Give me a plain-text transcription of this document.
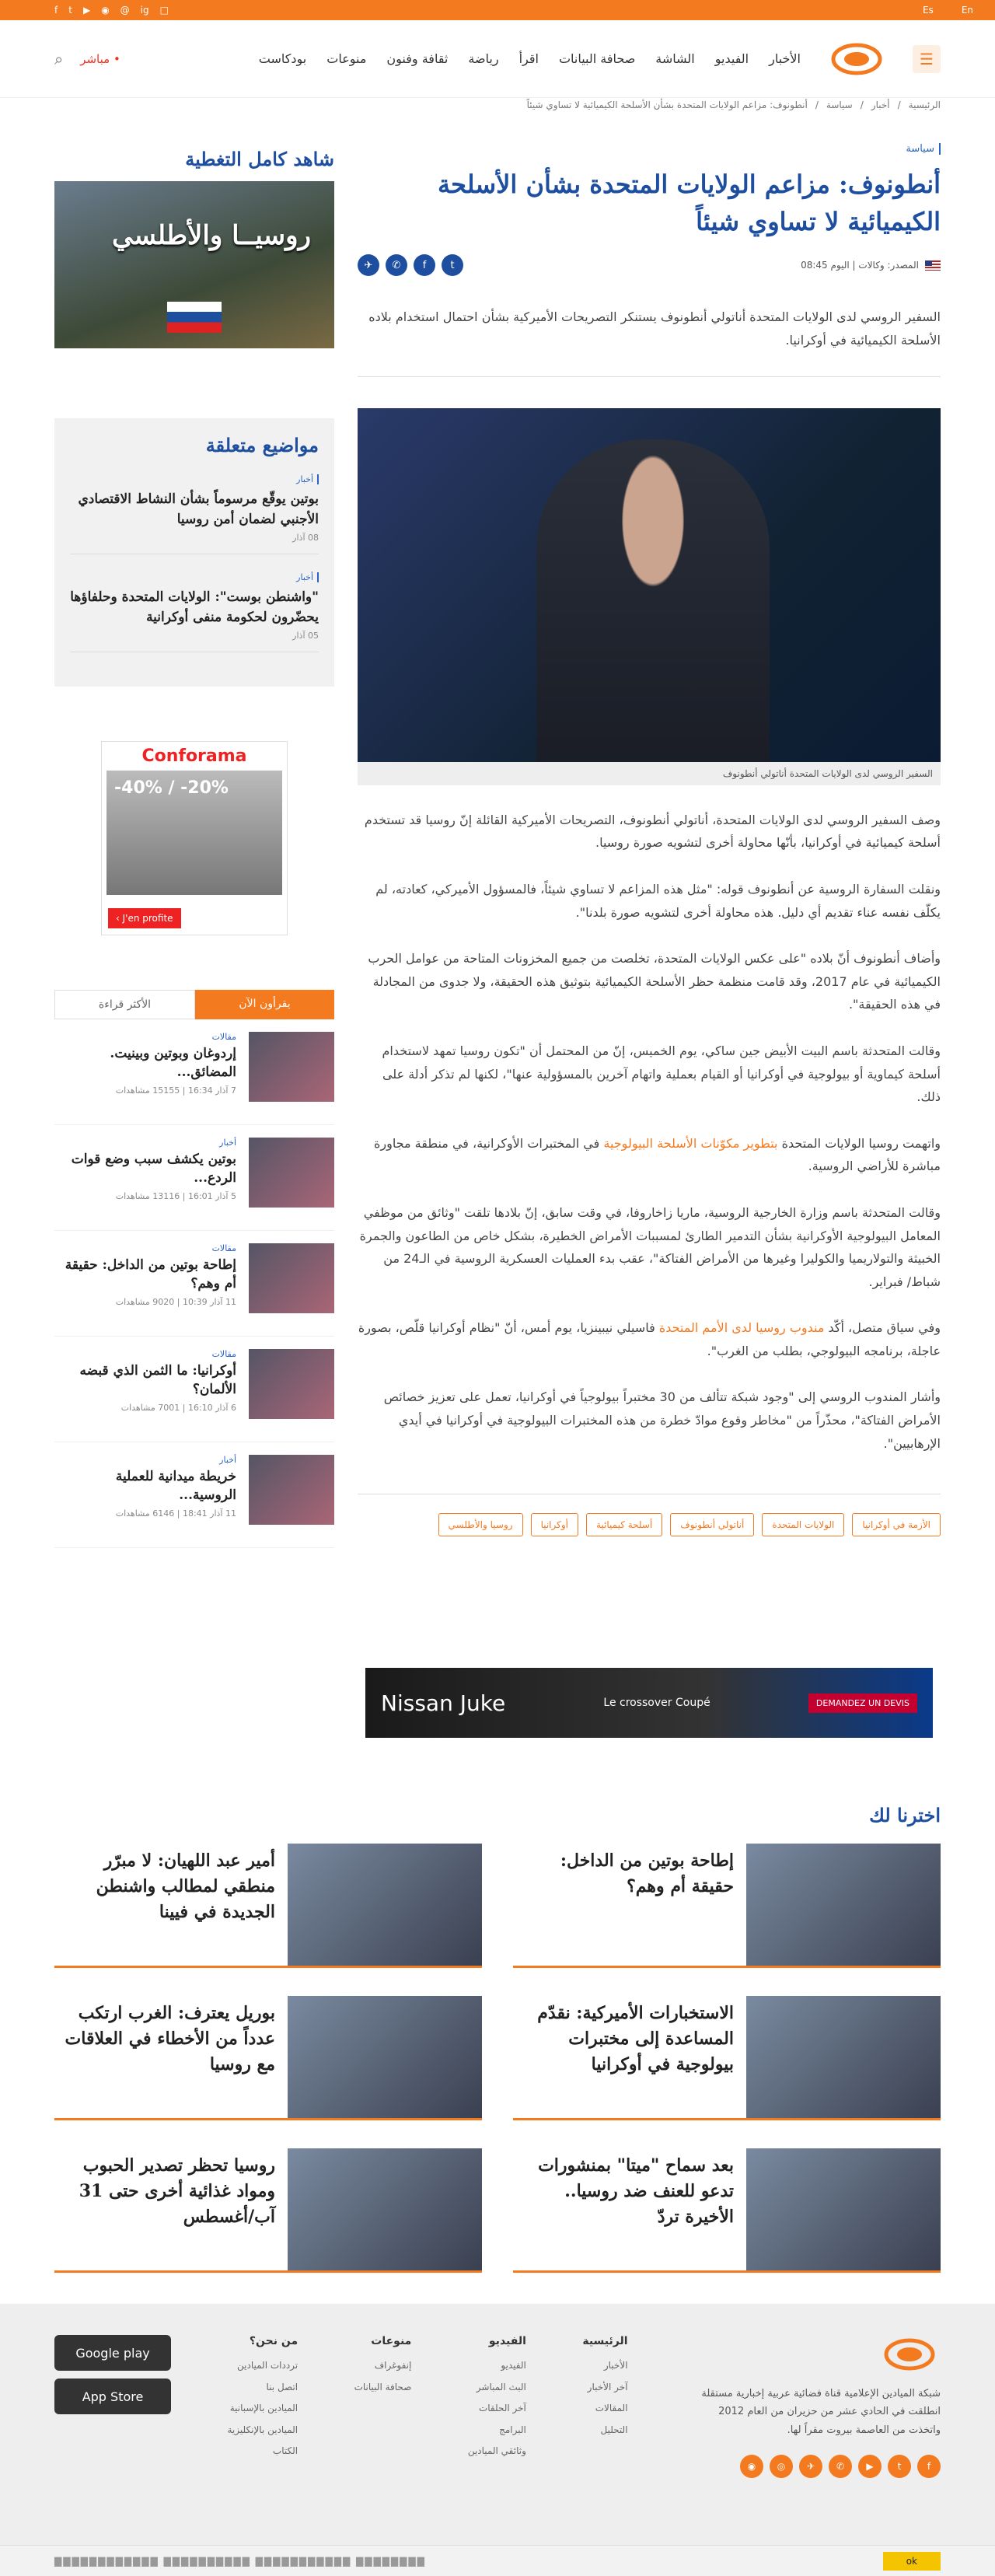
f t ▶ ◉ @ ig □	Es	En
☰
الأخبار
الفيديو
الشاشة
صحافة البيانات
اقرأ
رياضة
ثقافة وفنون
منوعات
بودكاست
• مباشر
⌕
الرئيسية
/
أخبار
/
سياسة
/
أنطونوف: مزاعم الولايات المتحدة بشأن الأسلحة الكيميائية لا تساوي شيئاً
سياسة
أنطونوف: مزاعم الولايات المتحدة بشأن الأسلحة الكيميائية لا تساوي شيئاً
المصدر: وكالات | اليوم 08:45
✈	✆	f	t

السفير الروسي لدى الولايات المتحدة أناتولي أنطونوف يستنكر التصريحات الأميركية بشأن احتمال استخدام بلاده الأسلحة الكيميائية في أوكرانيا.

السفير الروسي لدى الولايات المتحدة أناتولي أنطونوف

وصف السفير الروسي لدى الولايات المتحدة، أناتولي أنطونوف، التصريحات الأميركية القائلة إنّ روسيا قد تستخدم أسلحة كيميائية في أوكرانيا، بأنّها محاولة أخرى لتشويه صورة روسيا.

ونقلت السفارة الروسية عن أنطونوف قوله: "مثل هذه المزاعم لا تساوي شيئاً، فالمسؤول الأميركي، كعادته، لم يكلّف نفسه عناء تقديم أي دليل. هذه محاولة أخرى لتشويه صورة بلدنا".

وأضاف أنطونوف أنّ بلاده "على عكس الولايات المتحدة، تخلصت من جميع المخزونات المتاحة من عوامل الحرب الكيميائية في عام 2017، وقد قامت منظمة حظر الأسلحة الكيميائية بتوثيق هذه الحقيقة، ولا جدوى من المجادلة في هذه الحقيقة".

وقالت المتحدثة باسم البيت الأبيض جين ساكي، يوم الخميس، إنّ من المحتمل أن "تكون روسيا تمهد لاستخدام أسلحة كيماوية أو بيولوجية في أوكرانيا أو القيام بعملية واتهام آخرين بالمسؤولية عنها"، لكنها لم تذكر أدلة على ذلك.

واتهمت روسيا الولايات المتحدة بتطوير مكوّنات الأسلحة البيولوجية في المختبرات الأوكرانية، في منطقة مجاورة مباشرة للأراضي الروسية.

وقالت المتحدثة باسم وزارة الخارجية الروسية، ماريا زاخاروفا، في وقت سابق، إنّ بلادها تلقت "وثائق من موظفي المعامل البيولوجية الأوكرانية بشأن التدمير الطارئ لمسببات الأمراض الخطيرة، بشكل خاص من الطاعون والجمرة الخبيثة والتولاريميا والكوليرا وغيرها من الأمراض الفتاكة"، عقب بدء العمليات العسكرية الروسية في الـ24 من شباط/ فبراير.

وفي سياق متصل، أكّد مندوب روسيا لدى الأمم المتحدة فاسيلي نيبينزيا، يوم أمس، أنّ "نظام أوكرانيا قلّص، بصورة عاجلة، برنامجه البيولوجي، بطلب من الغرب".

وأشار المندوب الروسي إلى "وجود شبكة تتألف من 30 مختبراً بيولوجياً في أوكرانيا، تعمل على تعزيز خصائص الأمراض الفتاكة"، محذّراً من "مخاطر وقوع موادّ خطرة من هذه المختبرات البيولوجية في أوكرانيا في أيدي الإرهابيين".

الأزمة في أوكرانيا
الولايات المتحدة
أناتولي أنطونوف
أسلحة كيميائية
أوكرانيا
روسيا والأطلسي
شاهد كامل التغطية
روسيــا والأطلسي
مواضيع متعلقة
أخبار
بوتين يوقّع مرسوماً بشأن النشاط الاقتصادي الأجنبي لضمان أمن روسيا
08 آذار
أخبار
"واشنطن بوست": الولايات المتحدة وحلفاؤها يحضّرون لحكومة منفى أوكرانية
05 آذار
Conforama
-40% / -20%
J'en profite ›
يقرأون الآن
الأكثر قراءة
مقالات
إردوغان وبوتين وبينيت. المضائق...
7 آذار 16:34 | 15155 مشاهدات
أخبار
بوتين يكشف سبب وضع قوات الردع...
5 آذار 16:01 | 13116 مشاهدات
مقالات
إطاحة بوتين من الداخل: حقيقة أم وهم؟
11 آذار 10:39 | 9020 مشاهدات
مقالات
أوكرانيا: ما الثمن الذي قبضه الألمان؟
6 آذار 16:10 | 7001 مشاهدات
أخبار
خريطة ميدانية للعملية الروسية...
11 آذار 18:41 | 6146 مشاهدات
DEMANDEZ UN DEVIS
Le crossover Coupé
Nissan Juke
اخترنا لك
إطاحة بوتين من الداخل: حقيقة أم وهم؟
أمير عبد اللهيان: لا مبرّر منطقي لمطالب واشنطن الجديدة في فيينا
الاستخبارات الأميركية: نقدّم المساعدة إلى مختبرات بيولوجية في أوكرانيا
بوريل يعترف: الغرب ارتكب عدداً من الأخطاء في العلاقات مع روسيا
بعد سماح "ميتا" بمنشورات تدعو للعنف ضد روسيا.. الأخيرة تردّ
روسيا تحظر تصدير الحبوب ومواد غذائية أخرى حتى 31 آب/أغسطس

شبكة الميادين الإعلامية قناة فضائية عربية إخبارية مستقلة انطلقت في الحادي عشر من حزيران من العام 2012 واتخذت من العاصمة بيروت مقراً لها.

f
t
▶
✆
✈
◎
◉
الرئيسية
الأخبار
آخر الأخبار
المقالات
التحليل
الفيديو
الفيديو
البث المباشر
آخر الحلقات
البرامج
وثائقي الميادين
منوعات
إنفوغراف
صحافة البيانات
من نحن؟
ترددات الميادين
اتصل بنا
الميادين بالإسبانية
الميادين بالإنكليزية
الكتاب
Google play
App Store
ok
▇▇▇▇▇▇▇▇ ▇▇▇▇▇▇▇▇▇▇▇ ▇▇▇▇▇▇▇▇▇▇ ▇▇▇▇▇▇▇▇▇▇▇▇
